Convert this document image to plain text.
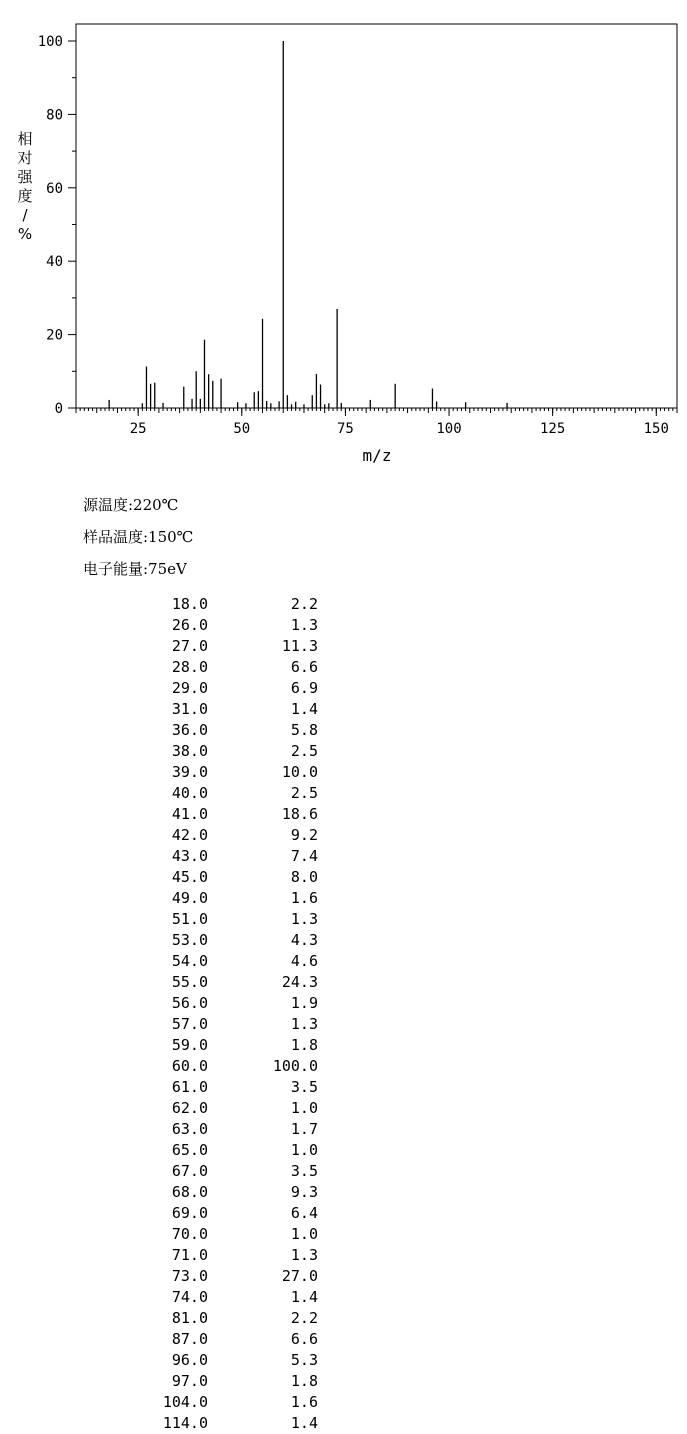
25	50	75	100	125	150
0
20
40
60
80
100
m/z
相对强度/ %
源温度:220℃
样品温度:150℃
电子能量:75eV
18.0	2.2
26.0	1.3
27.0	11.3
28.0	6.6
29.0	6.9
31.0	1.4
36.0	5.8
38.0	2.5
39.0	10.0
40.0	2.5
41.0	18.6
42.0	9.2
43.0	7.4
45.0	8.0
49.0	1.6
51.0	1.3
53.0	4.3
54.0	4.6
55.0	24.3
56.0	1.9
57.0	1.3
59.0	1.8
60.0	100.0
61.0	3.5
62.0	1.0
63.0	1.7
65.0	1.0
67.0	3.5
68.0	9.3
69.0	6.4
70.0	1.0
71.0	1.3
73.0	27.0
74.0	1.4
81.0	2.2
87.0	6.6
96.0	5.3
97.0	1.8
104.0	1.6
114.0	1.4
